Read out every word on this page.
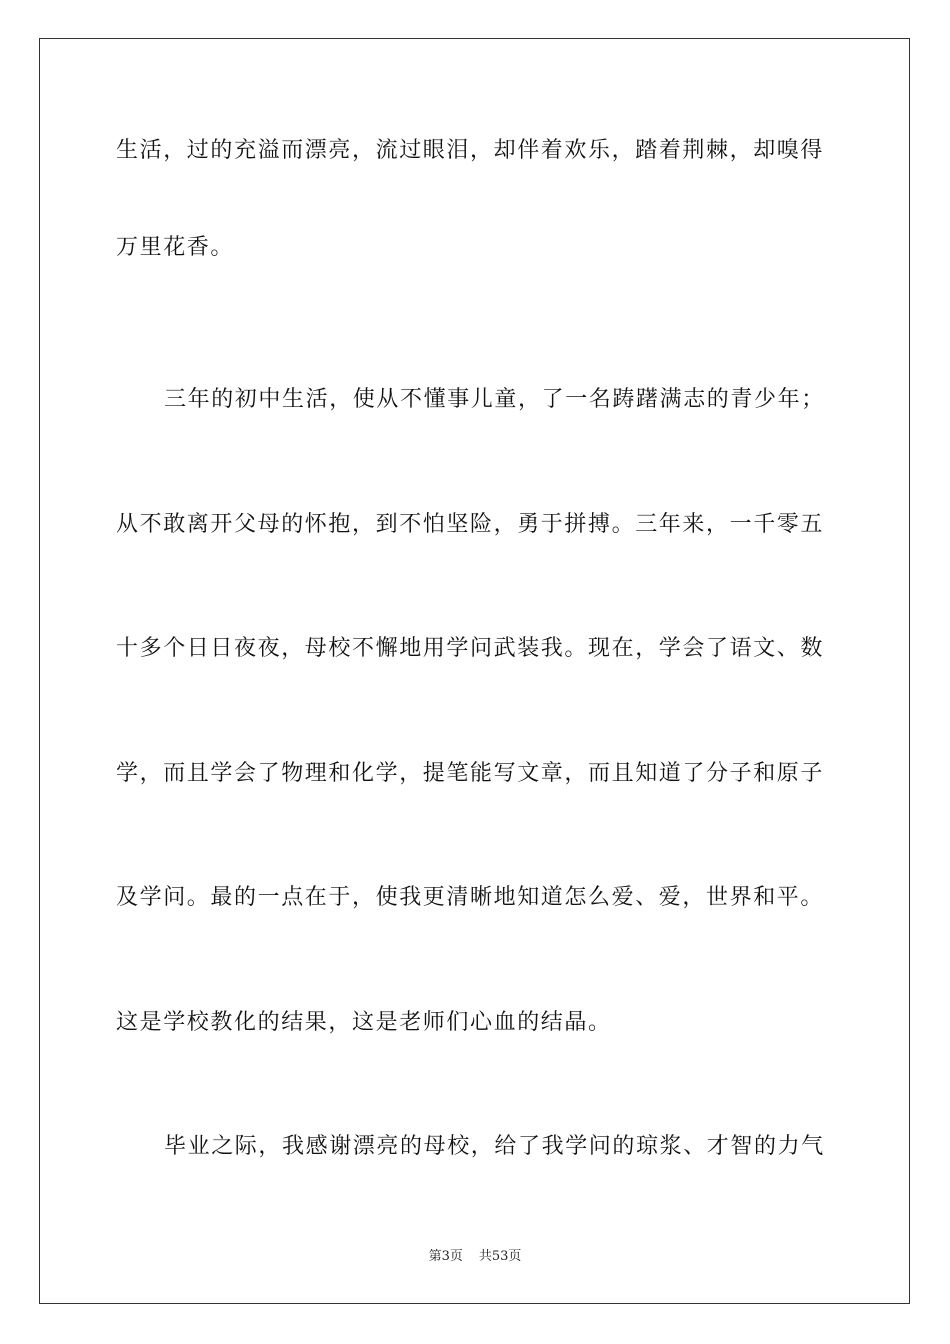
生活，过的充溢而漂亮，流过眼泪，却伴着欢乐，踏着荆棘，却嗅得
万里花香。
三年的初中生活，使从不懂事儿童，了一名踌躇满志的青少年；
从不敢离开父母的怀抱，到不怕坚险，勇于拼搏。三年来，一千零五
十多个日日夜夜，母校不懈地用学问武装我。现在，学会了语文、数
学，而且学会了物理和化学，提笔能写文章，而且知道了分子和原子
及学问。最的一点在于，使我更清晰地知道怎么爱、爱，世界和平。
这是学校教化的结果，这是老师们心血的结晶。
毕业之际，我感谢漂亮的母校，给了我学问的琼浆、才智的力气
第3页 共53页
